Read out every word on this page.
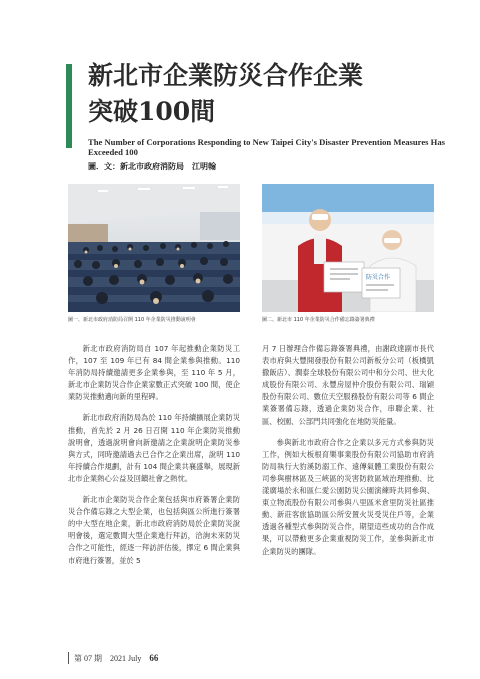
新北市企業防災合作企業
突破100間
The Number of Corporations Responding to New Taipei City's Disaster Prevention Measures Has Exceeded 100
圖．文：新北市政府消防局　江明翰
防災合作
圖一、新北市政府消防局召開 110 年企業防災推動說明會	圖二、新北市 110 年企業防災合作備忘錄簽署典禮

新北市政府消防局自 107 年起推動企業防災工作，107 至 109 年已有 84 間企業參與推動。110 年消防局持續邀請更多企業參與，至 110 年 5 月，新北市企業防災合作企業家數正式突破 100 間，使企業防災推動邁向新的里程碑。

新北市政府消防局為於 110 年持續擴展企業防災推動，首先於 2 月 26 日召開 110 年企業防災推動說明會，透過說明會向新邀請之企業說明企業防災參與方式，同時邀請過去已合作之企業出席，說明 110 年持續合作規劃，計有 104 間企業共襄盛舉，展現新北市企業熱心公益及回饋社會之熱忱。

新北市企業防災合作企業包括與市府簽署企業防災合作備忘錄之大型企業，也包括與區公所進行簽署的中大型在地企業，新北市政府消防局於企業防災說明會後，選定數間大型企業進行拜訪，洽詢未來防災合作之可能性，經逐一拜訪評估後，擇定 6 間企業與市府進行簽署，並於 5

月 7 日辦理合作備忘錄簽署典禮，由謝政達副市長代表市府與大豐開發股份有限公司新板分公司（板橋凱撒飯店）、潤泰全球股份有限公司中和分公司、世大化成股份有限公司、永豐房屋仲介股份有限公司、瑞穎股份有限公司、數位天空服務股份有限公司等 6 間企業簽署備忘錄，透過企業防災合作，串聯企業、社區、校園、公部門共同強化在地防災能量。

參與新北市政府合作之企業以多元方式參與防災工作，例如大板根育樂事業股份有限公司協助市府消防局執行大豹溪防溺工作、遠傳氣體工業股份有限公司參與樹林區及三峽區的災害防救區域治理推動、比漾廣場於永和區仁愛公園防災公園演練時共同參與、東立物流股份有限公司參與八里區米倉里防災社區推動、新莊客旅協助區公所安置火災受災住戶等，企業透過各種型式參與防災合作，期望這些成功的合作成果，可以帶動更多企業重視防災工作，並參與新北市企業防災的團隊。

第 07 期 2021 July 66
